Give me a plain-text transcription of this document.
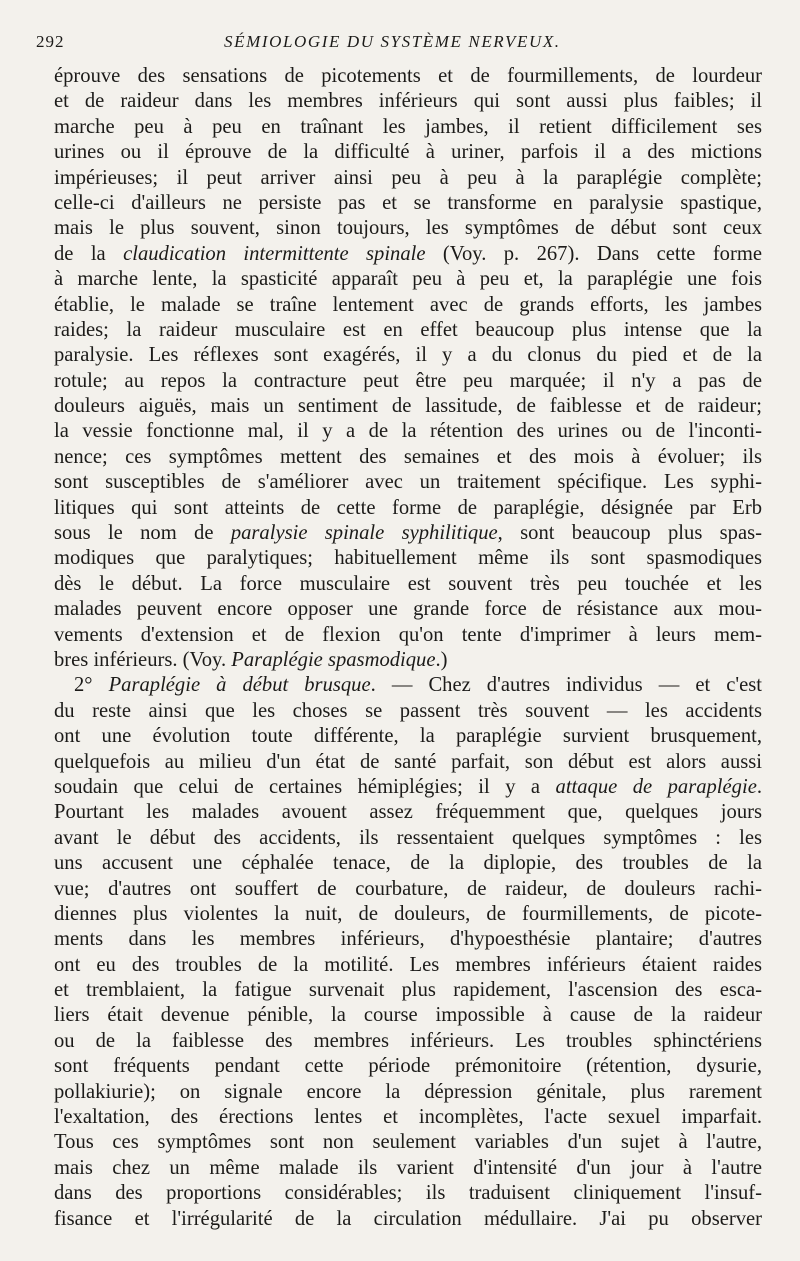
292	SÉMIOLOGIE DU SYSTÈME NERVEUX.
éprouve des sensations de picotements et de fourmillements, de lourdeur
et de raideur dans les membres inférieurs qui sont aussi plus faibles; il
marche peu à peu en traînant les jambes, il retient difficilement ses
urines ou il éprouve de la difficulté à uriner, parfois il a des mictions
impérieuses; il peut arriver ainsi peu à peu à la paraplégie complète;
celle-ci d'ailleurs ne persiste pas et se transforme en paralysie spastique,
mais le plus souvent, sinon toujours, les symptômes de début sont ceux
de la claudication intermittente spinale (Voy. p. 267). Dans cette forme
à marche lente, la spasticité apparaît peu à peu et, la paraplégie une fois
établie, le malade se traîne lentement avec de grands efforts, les jambes
raides; la raideur musculaire est en effet beaucoup plus intense que la
paralysie. Les réflexes sont exagérés, il y a du clonus du pied et de la
rotule; au repos la contracture peut être peu marquée; il n'y a pas de
douleurs aiguës, mais un sentiment de lassitude, de faiblesse et de raideur;
la vessie fonctionne mal, il y a de la rétention des urines ou de l'inconti-
nence; ces symptômes mettent des semaines et des mois à évoluer; ils
sont susceptibles de s'améliorer avec un traitement spécifique. Les syphi-
litiques qui sont atteints de cette forme de paraplégie, désignée par Erb
sous le nom de paralysie spinale syphilitique, sont beaucoup plus spas-
modiques que paralytiques; habituellement même ils sont spasmodiques
dès le début. La force musculaire est souvent très peu touchée et les
malades peuvent encore opposer une grande force de résistance aux mou-
vements d'extension et de flexion qu'on tente d'imprimer à leurs mem-
bres inférieurs. (Voy. Paraplégie spasmodique.)
2° Paraplégie à début brusque. — Chez d'autres individus — et c'est
du reste ainsi que les choses se passent très souvent — les accidents
ont une évolution toute différente, la paraplégie survient brusquement,
quelquefois au milieu d'un état de santé parfait, son début est alors aussi
soudain que celui de certaines hémiplégies; il y a attaque de paraplégie.
Pourtant les malades avouent assez fréquemment que, quelques jours
avant le début des accidents, ils ressentaient quelques symptômes : les
uns accusent une céphalée tenace, de la diplopie, des troubles de la
vue; d'autres ont souffert de courbature, de raideur, de douleurs rachi-
diennes plus violentes la nuit, de douleurs, de fourmillements, de picote-
ments dans les membres inférieurs, d'hypoesthésie plantaire; d'autres
ont eu des troubles de la motilité. Les membres inférieurs étaient raides
et tremblaient, la fatigue survenait plus rapidement, l'ascension des esca-
liers était devenue pénible, la course impossible à cause de la raideur
ou de la faiblesse des membres inférieurs. Les troubles sphinctériens
sont fréquents pendant cette période prémonitoire (rétention, dysurie,
pollakiurie); on signale encore la dépression génitale, plus rarement
l'exaltation, des érections lentes et incomplètes, l'acte sexuel imparfait.
Tous ces symptômes sont non seulement variables d'un sujet à l'autre,
mais chez un même malade ils varient d'intensité d'un jour à l'autre
dans des proportions considérables; ils traduisent cliniquement l'insuf-
fisance et l'irrégularité de la circulation médullaire. J'ai pu observer
